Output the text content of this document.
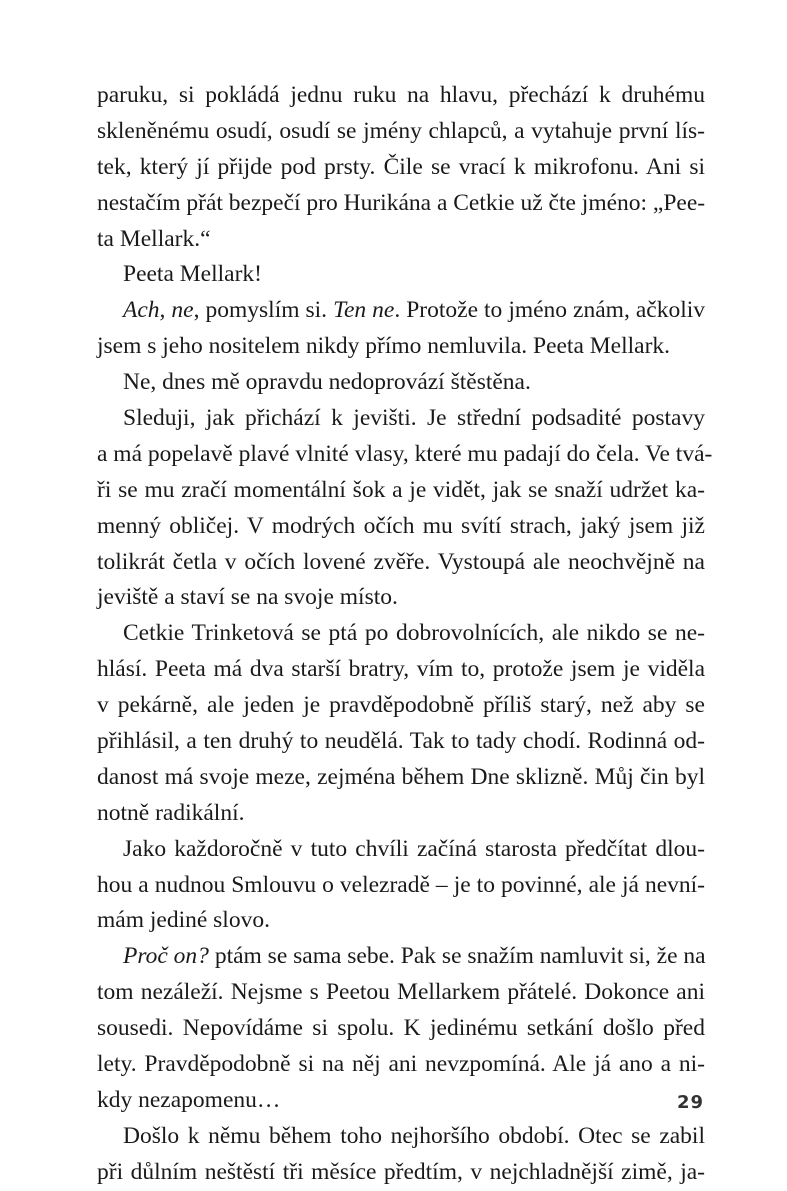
paruku, si pokládá jednu ruku na hlavu, přechází k druhému
skleněnému osudí, osudí se jmény chlapců, a vytahuje první lís-
tek, který jí přijde pod prsty. Čile se vrací k mikrofonu. Ani si
nestačím přát bezpečí pro Hurikána a Cetkie už čte jméno: „Pee-
ta Mellark.“
Peeta Mellark!
Ach, ne, pomyslím si. Ten ne. Protože to jméno znám, ačkoliv
jsem s jeho nositelem nikdy přímo nemluvila. Peeta Mellark.
Ne, dnes mě opravdu nedoprovází štěstěna.
Sleduji, jak přichází k jevišti. Je střední podsadité postavy
a má popelavě plavé vlnité vlasy, které mu padají do čela. Ve tvá-
ři se mu zračí momentální šok a je vidět, jak se snaží udržet ka-
menný obličej. V modrých očích mu svítí strach, jaký jsem již
tolikrát četla v očích lovené zvěře. Vystoupá ale neochvějně na
jeviště a staví se na svoje místo.
Cetkie Trinketová se ptá po dobrovolnících, ale nikdo se ne-
hlásí. Peeta má dva starší bratry, vím to, protože jsem je viděla
v pekárně, ale jeden je pravděpodobně příliš starý, než aby se
přihlásil, a ten druhý to neudělá. Tak to tady chodí. Rodinná od-
danost má svoje meze, zejména během Dne sklizně. Můj čin byl
notně radikální.
Jako každoročně v tuto chvíli začíná starosta předčítat dlou-
hou a nudnou Smlouvu o velezradě – je to povinné, ale já nevní-
mám jediné slovo.
Proč on? ptám se sama sebe. Pak se snažím namluvit si, že na
tom nezáleží. Nejsme s Peetou Mellarkem přátelé. Dokonce ani
sousedi. Nepovídáme si spolu. K jedinému setkání došlo před
lety. Pravděpodobně si na něj ani nevzpomíná. Ale já ano a ni-
kdy nezapomenu…
Došlo k němu během toho nejhoršího období. Otec se zabil
při důlním neštěstí tři měsíce předtím, v nejchladnější zimě, ja-
29
